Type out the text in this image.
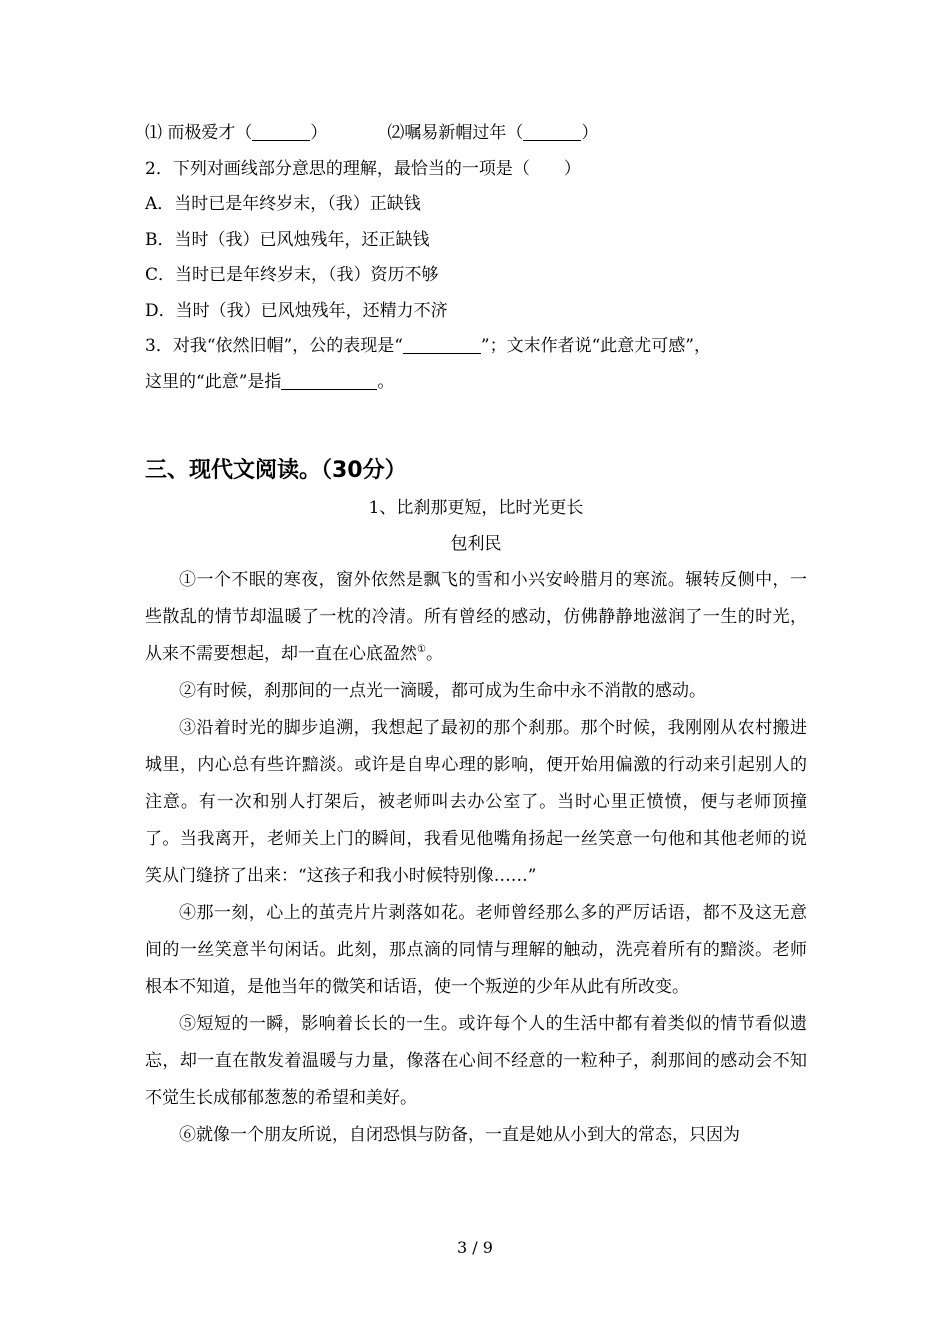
⑴ 而极爱才（	）	⑵嘱易新帽过年（	）
2．下列对画线部分意思的理解，最恰当的一项是（　　）
A．当时已是年终岁末，（我）正缺钱
B．当时（我）已风烛残年，还正缺钱
C．当时已是年终岁末，（我）资历不够
D．当时（我）已风烛残年，还精力不济
3．对我“依然旧帽”，公的表现是“	”；文末作者说“此意尤可感”，
这里的“此意”是指	。
三、现代文阅读。（30分）
1、比刹那更短，比时光更长
包利民

①一个不眠的寒夜，窗外依然是飘飞的雪和小兴安岭腊月的寒流。辗转反侧中，一些散乱的情节却温暖了一枕的冷清。所有曾经的感动，仿佛静静地滋润了一生的时光，从来不需要想起，却一直在心底盈然①。

②有时候，刹那间的一点光一滴暖，都可成为生命中永不消散的感动。

③沿着时光的脚步追溯，我想起了最初的那个刹那。那个时候，我刚刚从农村搬进城里，内心总有些许黯淡。或许是自卑心理的影响，便开始用偏激的行动来引起别人的注意。有一次和别人打架后，被老师叫去办公室了。当时心里正愤愤，便与老师顶撞了。当我离开，老师关上门的瞬间，我看见他嘴角扬起一丝笑意一句他和其他老师的说笑从门缝挤了出来：“这孩子和我小时候特别像……”

④那一刻，心上的茧壳片片剥落如花。老师曾经那么多的严厉话语，都不及这无意间的一丝笑意半句闲话。此刻，那点滴的同情与理解的触动，洗亮着所有的黯淡。老师根本不知道，是他当年的微笑和话语，使一个叛逆的少年从此有所改变。

⑤短短的一瞬，影响着长长的一生。或许每个人的生活中都有着类似的情节看似遗忘，却一直在散发着温暖与力量，像落在心间不经意的一粒种子，刹那间的感动会不知不觉生长成郁郁葱葱的希望和美好。

⑥就像一个朋友所说，自闭恐惧与防备，一直是她从小到大的常态，只因为

3 / 9
